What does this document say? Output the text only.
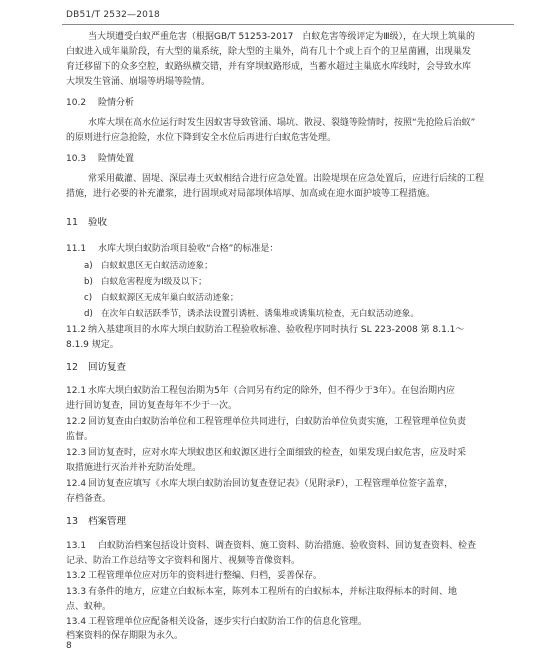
DB51/T 2532—2018
当大坝遭受白蚁严重危害（根据GB/T 51253-2017　白蚁危害等级评定为Ⅲ级），在大坝上筑巢的
白蚁进入成年巢阶段，有大型的巢系统，除大型的主巢外，尚有几十个或上百个的卫星菌圃，出现巢发
育迁移留下的众多空腔，蚁路纵横交错，并有穿坝蚁路形成，当蓄水超过主巢底水库线时，会导致水库
大坝发生管涌、崩塌等坍塌等险情。
10.2 险情分析
水库大坝在高水位运行时发生因蚁害导致管涌、塌坑、散浸、裂缝等险情时，按照“先抢险后治蚁”
的原则进行应急抢险，水位下降到安全水位后再进行白蚁危害处理。
10.3 险情处置
常采用截灌、固堤、深层毒土灭蚁相结合进行应急处置。出险堤坝在应急处置后，应进行后续的工程
措施，进行必要的补充灌浆，进行固坝或对局部坝体培厚、加高或在迎水面护坡等工程措施。
11 验收
11.1 水库大坝白蚁防治项目验收“合格”的标准是：
a) 白蚁蚁患区无白蚁活动迹象；
b) 白蚁危害程度为Ⅰ级及以下；
c) 白蚁蚁源区无成年巢白蚁活动迹象；
d) 在次年白蚁活跃季节，诱杀法设置引诱桩、诱集堆或诱集坑检查，无白蚁活动迹象。
11.2 纳入基建项目的水库大坝白蚁防治工程验收标准、验收程序同时执行 SL 223-2008 第 8.1.1～
8.1.9 规定。
12 回访复查
12.1 水库大坝白蚁防治工程包治期为5年（合同另有约定的除外，但不得少于3年）。在包治期内应
进行回访复查，回访复查每年不少于一次。
12.2 回访复查由白蚁防治单位和工程管理单位共同进行，白蚁防治单位负责实施，工程管理单位负责
监督。
12.3 回访复查时，应对水库大坝蚁患区和蚁源区进行全面细致的检查，如果发现白蚁危害，应及时采
取措施进行灭治并补充防治处理。
12.4 回访复查应填写《水库大坝白蚁防治回访复查登记表》（见附录F），工程管理单位签字盖章，
存档备查。
13 档案管理
13.1 白蚁防治档案包括设计资料、调查资料、施工资料、防治措施、验收资料、回访复查资料、检查
记录、防治工作总结等文字资料和图片、视频等音像资料。
13.2 工程管理单位应对历年的资料进行整编、归档，妥善保存。
13.3 有条件的地方，应建立白蚁标本室，陈列本工程所有的白蚁标本，并标注取得标本的时间、地
点、蚁种。
13.4 工程管理单位应配备相关设备，逐步实行白蚁防治工作的信息化管理。
档案资料的保存期限为永久。
8
